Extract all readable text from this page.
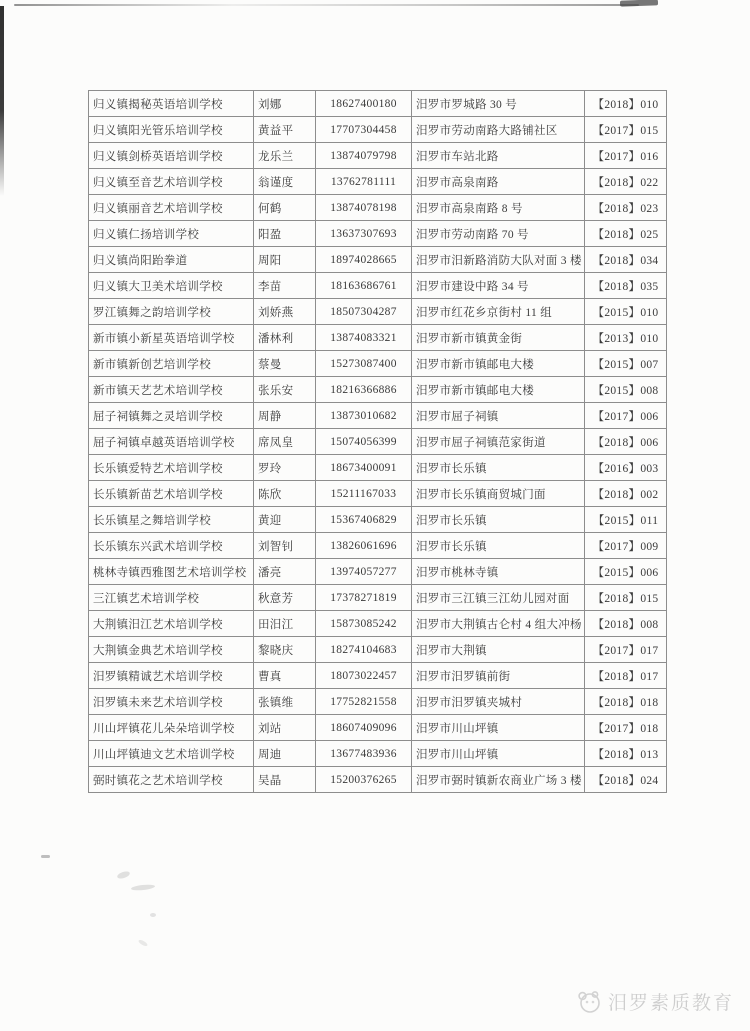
归义镇揭秘英语培训学校	刘娜	18627400180	汨罗市罗城路 30 号	【2018】010
归义镇阳光管乐培训学校	黄益平	17707304458	汨罗市劳动南路大路铺社区	【2017】015
归义镇剑桥英语培训学校	龙乐兰	13874079798	汨罗市车站北路	【2017】016
归义镇至音艺术培训学校	翁谨度	13762781111	汨罗市高泉南路	【2018】022
归义镇丽音艺术培训学校	何鹤	13874078198	汨罗市高泉南路 8 号	【2018】023
归义镇仁扬培训学校	阳盈	13637307693	汨罗市劳动南路 70 号	【2018】025
归义镇尚阳跆拳道	周阳	18974028665	汨罗市汨新路消防大队对面 3 楼	【2018】034
归义镇大卫美术培训学校	李苗	18163686761	汨罗市建设中路 34 号	【2018】035
罗江镇舞之韵培训学校	刘娇燕	18507304287	汨罗市红花乡京街村 11 组	【2015】010
新市镇小新星英语培训学校	潘林利	13874083321	汨罗市新市镇黄金街	【2013】010
新市镇新创艺培训学校	蔡曼	15273087400	汨罗市新市镇邮电大楼	【2015】007
新市镇天艺艺术培训学校	张乐安	18216366886	汨罗市新市镇邮电大楼	【2015】008
屈子祠镇舞之灵培训学校	周静	13873010682	汨罗市屈子祠镇	【2017】006
屈子祠镇卓越英语培训学校	席凤皇	15074056399	汨罗市屈子祠镇范家街道	【2018】006
长乐镇爱特艺术培训学校	罗玲	18673400091	汨罗市长乐镇	【2016】003
长乐镇新苗艺术培训学校	陈欣	15211167033	汨罗市长乐镇商贸城门面	【2018】002
长乐镇星之舞培训学校	黄迎	15367406829	汨罗市长乐镇	【2015】011
长乐镇东兴武术培训学校	刘智钊	13826061696	汨罗市长乐镇	【2017】009
桃林寺镇西雅图艺术培训学校	潘亮	13974057277	汨罗市桃林寺镇	【2015】006
三江镇艺术培训学校	秋意芳	17378271819	汨罗市三江镇三江幼儿园对面	【2018】015
大荆镇汨江艺术培训学校	田汨江	15873085242	汨罗市大荆镇古仑村 4 组大冲杨	【2018】008
大荆镇金典艺术培训学校	黎晓庆	18274104683	汨罗市大荆镇	【2017】017
汨罗镇精诚艺术培训学校	曹真	18073022457	汨罗市汨罗镇前街	【2018】017
汨罗镇未来艺术培训学校	张镇维	17752821558	汨罗市汨罗镇夹城村	【2018】018
川山坪镇花儿朵朵培训学校	刘站	18607409096	汨罗市川山坪镇	【2017】018
川山坪镇迪文艺术培训学校	周迪	13677483936	汨罗市川山坪镇	【2018】013
弼时镇花之艺术培训学校	吴晶	15200376265	汨罗市弼时镇新农商业广场 3 楼	【2018】024
汨罗素质教育
